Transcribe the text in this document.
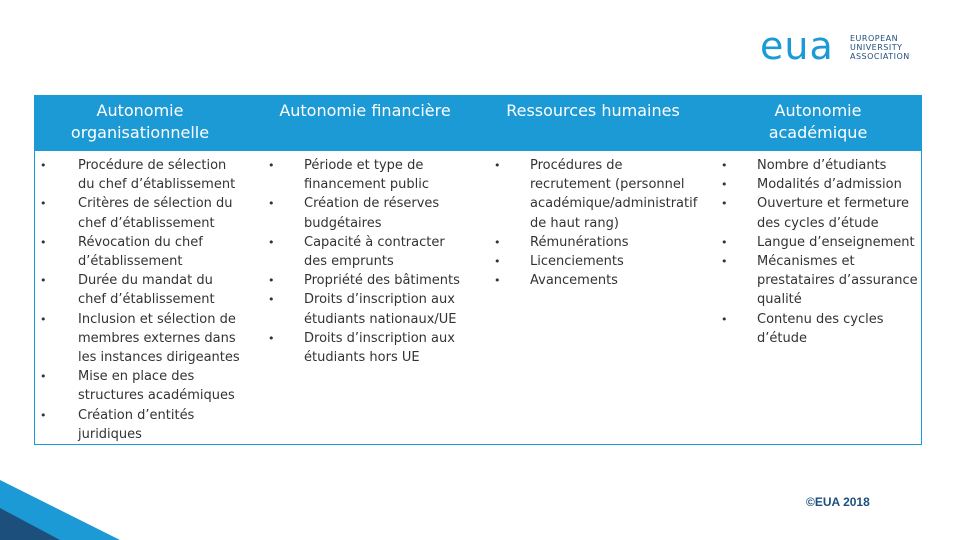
eua EUROPEAN
UNIVERSITY
ASSOCIATION
Autonomie organisationnelle
Autonomie financière	Ressources humaines	Autonomie académique
• Procédure de sélection du chef d’établissement
• Critères de sélection du chef d’établissement
• Révocation du chef d’établissement
• Durée du mandat du chef d’établissement
• Inclusion et sélection de membres externes dans les instances dirigeantes
• Mise en place des structures académiques
• Création d’entités juridiques
• Période et type de financement public
• Création de réserves budgétaires
• Capacité à contracter des emprunts
• Propriété des bâtiments
• Droits d’inscription aux étudiants nationaux/UE
• Droits d’inscription aux étudiants hors UE
• Procédures de recrutement (personnel académique/administratif de haut rang)
• Rémunérations
• Licenciements
• Avancements
• Nombre d’étudiants
• Modalités d’admission
• Ouverture et fermeture des cycles d’étude
• Langue d’enseignement
• Mécanismes et prestataires d’assurance qualité
• Contenu des cycles d’étude
©EUA 2018
